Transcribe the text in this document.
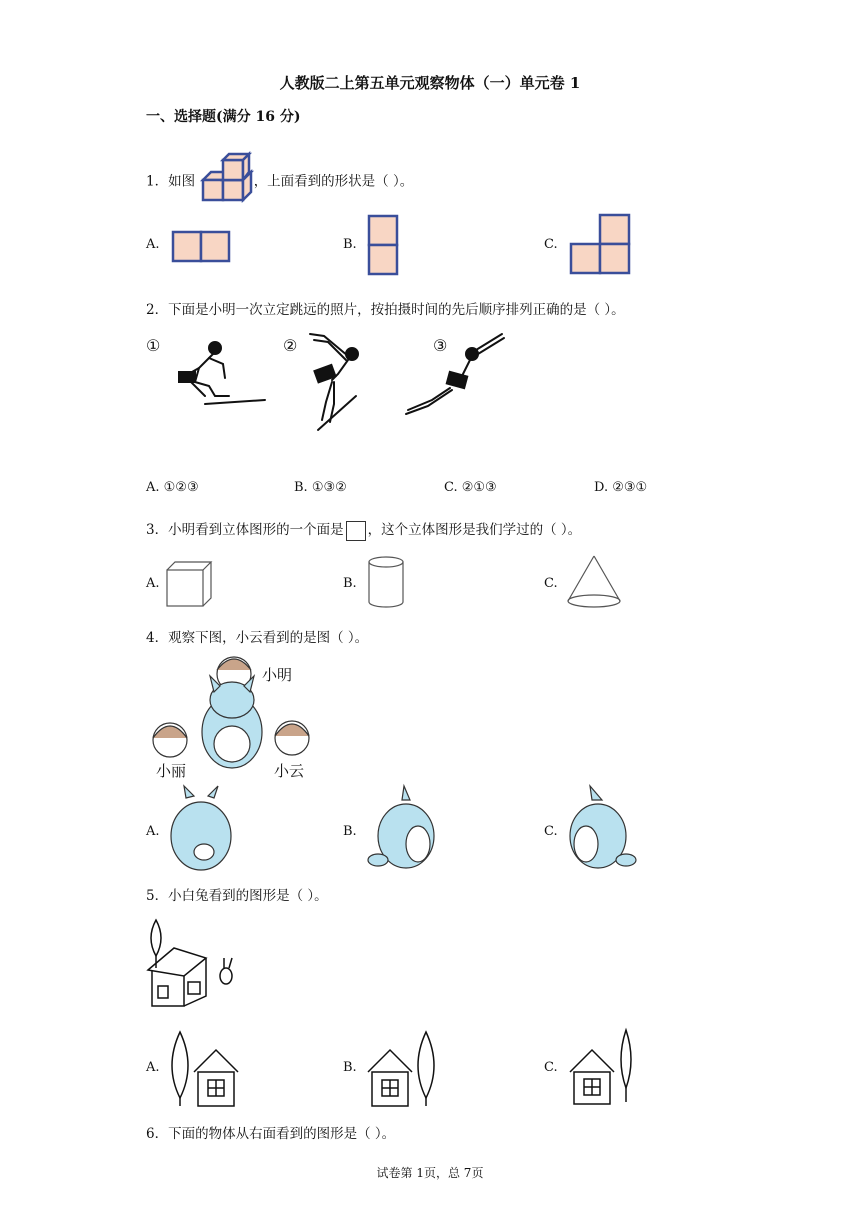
人教版二上第五单元观察物体（一）单元卷 1
一、选择题(满分 16 分)
1．如图	，上面看到的形状是（ ）。
A.	B.	C.
2．下面是小明一次立定跳远的照片，按拍摄时间的先后顺序排列正确的是（ ）。
①	②	③
A. ①②③	B. ①③②	C. ②①③	D. ②③①
3．小明看到立体图形的一个面是 ，这个立体图形是我们学过的（ ）。
A.	B.	C.
4．观察下图，小云看到的是图（ ）。
小明
小丽	小云
A.	B.	C.
5．小白兔看到的图形是（ ）。
A.	B.	C.
6．下面的物体从右面看到的图形是（ ）。
试卷第 1页，总 7页
